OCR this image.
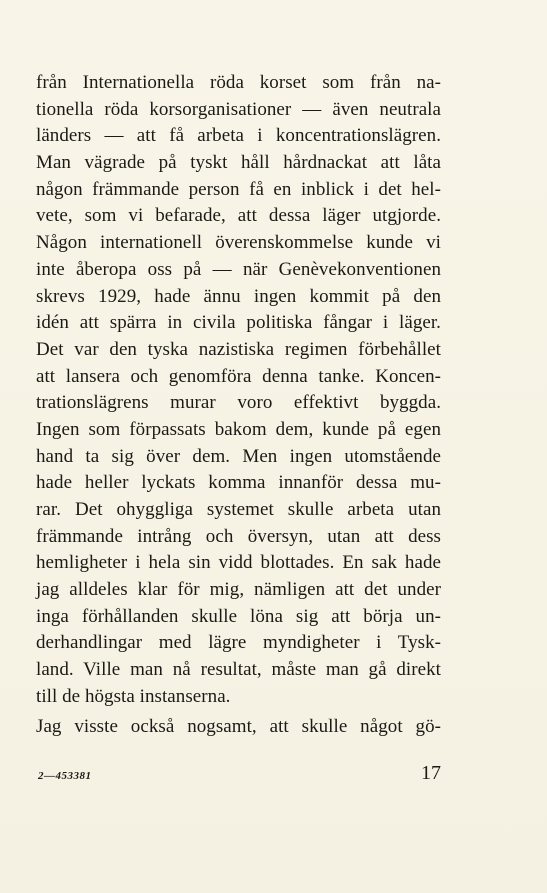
från Internationella röda korset som från na-
tionella röda korsorganisationer — även neutrala
länders — att få arbeta i koncentrationslägren.
Man vägrade på tyskt håll hårdnackat att låta
någon främmande person få en inblick i det hel-
vete, som vi befarade, att dessa läger utgjorde.
Någon internationell överenskommelse kunde vi
inte åberopa oss på — när Genèvekonventionen
skrevs 1929, hade ännu ingen kommit på den
idén att spärra in civila politiska fångar i läger.
Det var den tyska nazistiska regimen förbehållet
att lansera och genomföra denna tanke. Koncen-
trationslägrens murar voro effektivt byggda.
Ingen som förpassats bakom dem, kunde på egen
hand ta sig över dem. Men ingen utomstående
hade heller lyckats komma innanför dessa mu-
rar. Det ohyggliga systemet skulle arbeta utan
främmande intrång och översyn, utan att dess
hemligheter i hela sin vidd blottades. En sak hade
jag alldeles klar för mig, nämligen att det under
inga förhållanden skulle löna sig att börja un-
derhandlingar med lägre myndigheter i Tysk-
land. Ville man nå resultat, måste man gå direkt
till de högsta instanserna.
Jag visste också nogsamt, att skulle något gö-
2—453381	17
